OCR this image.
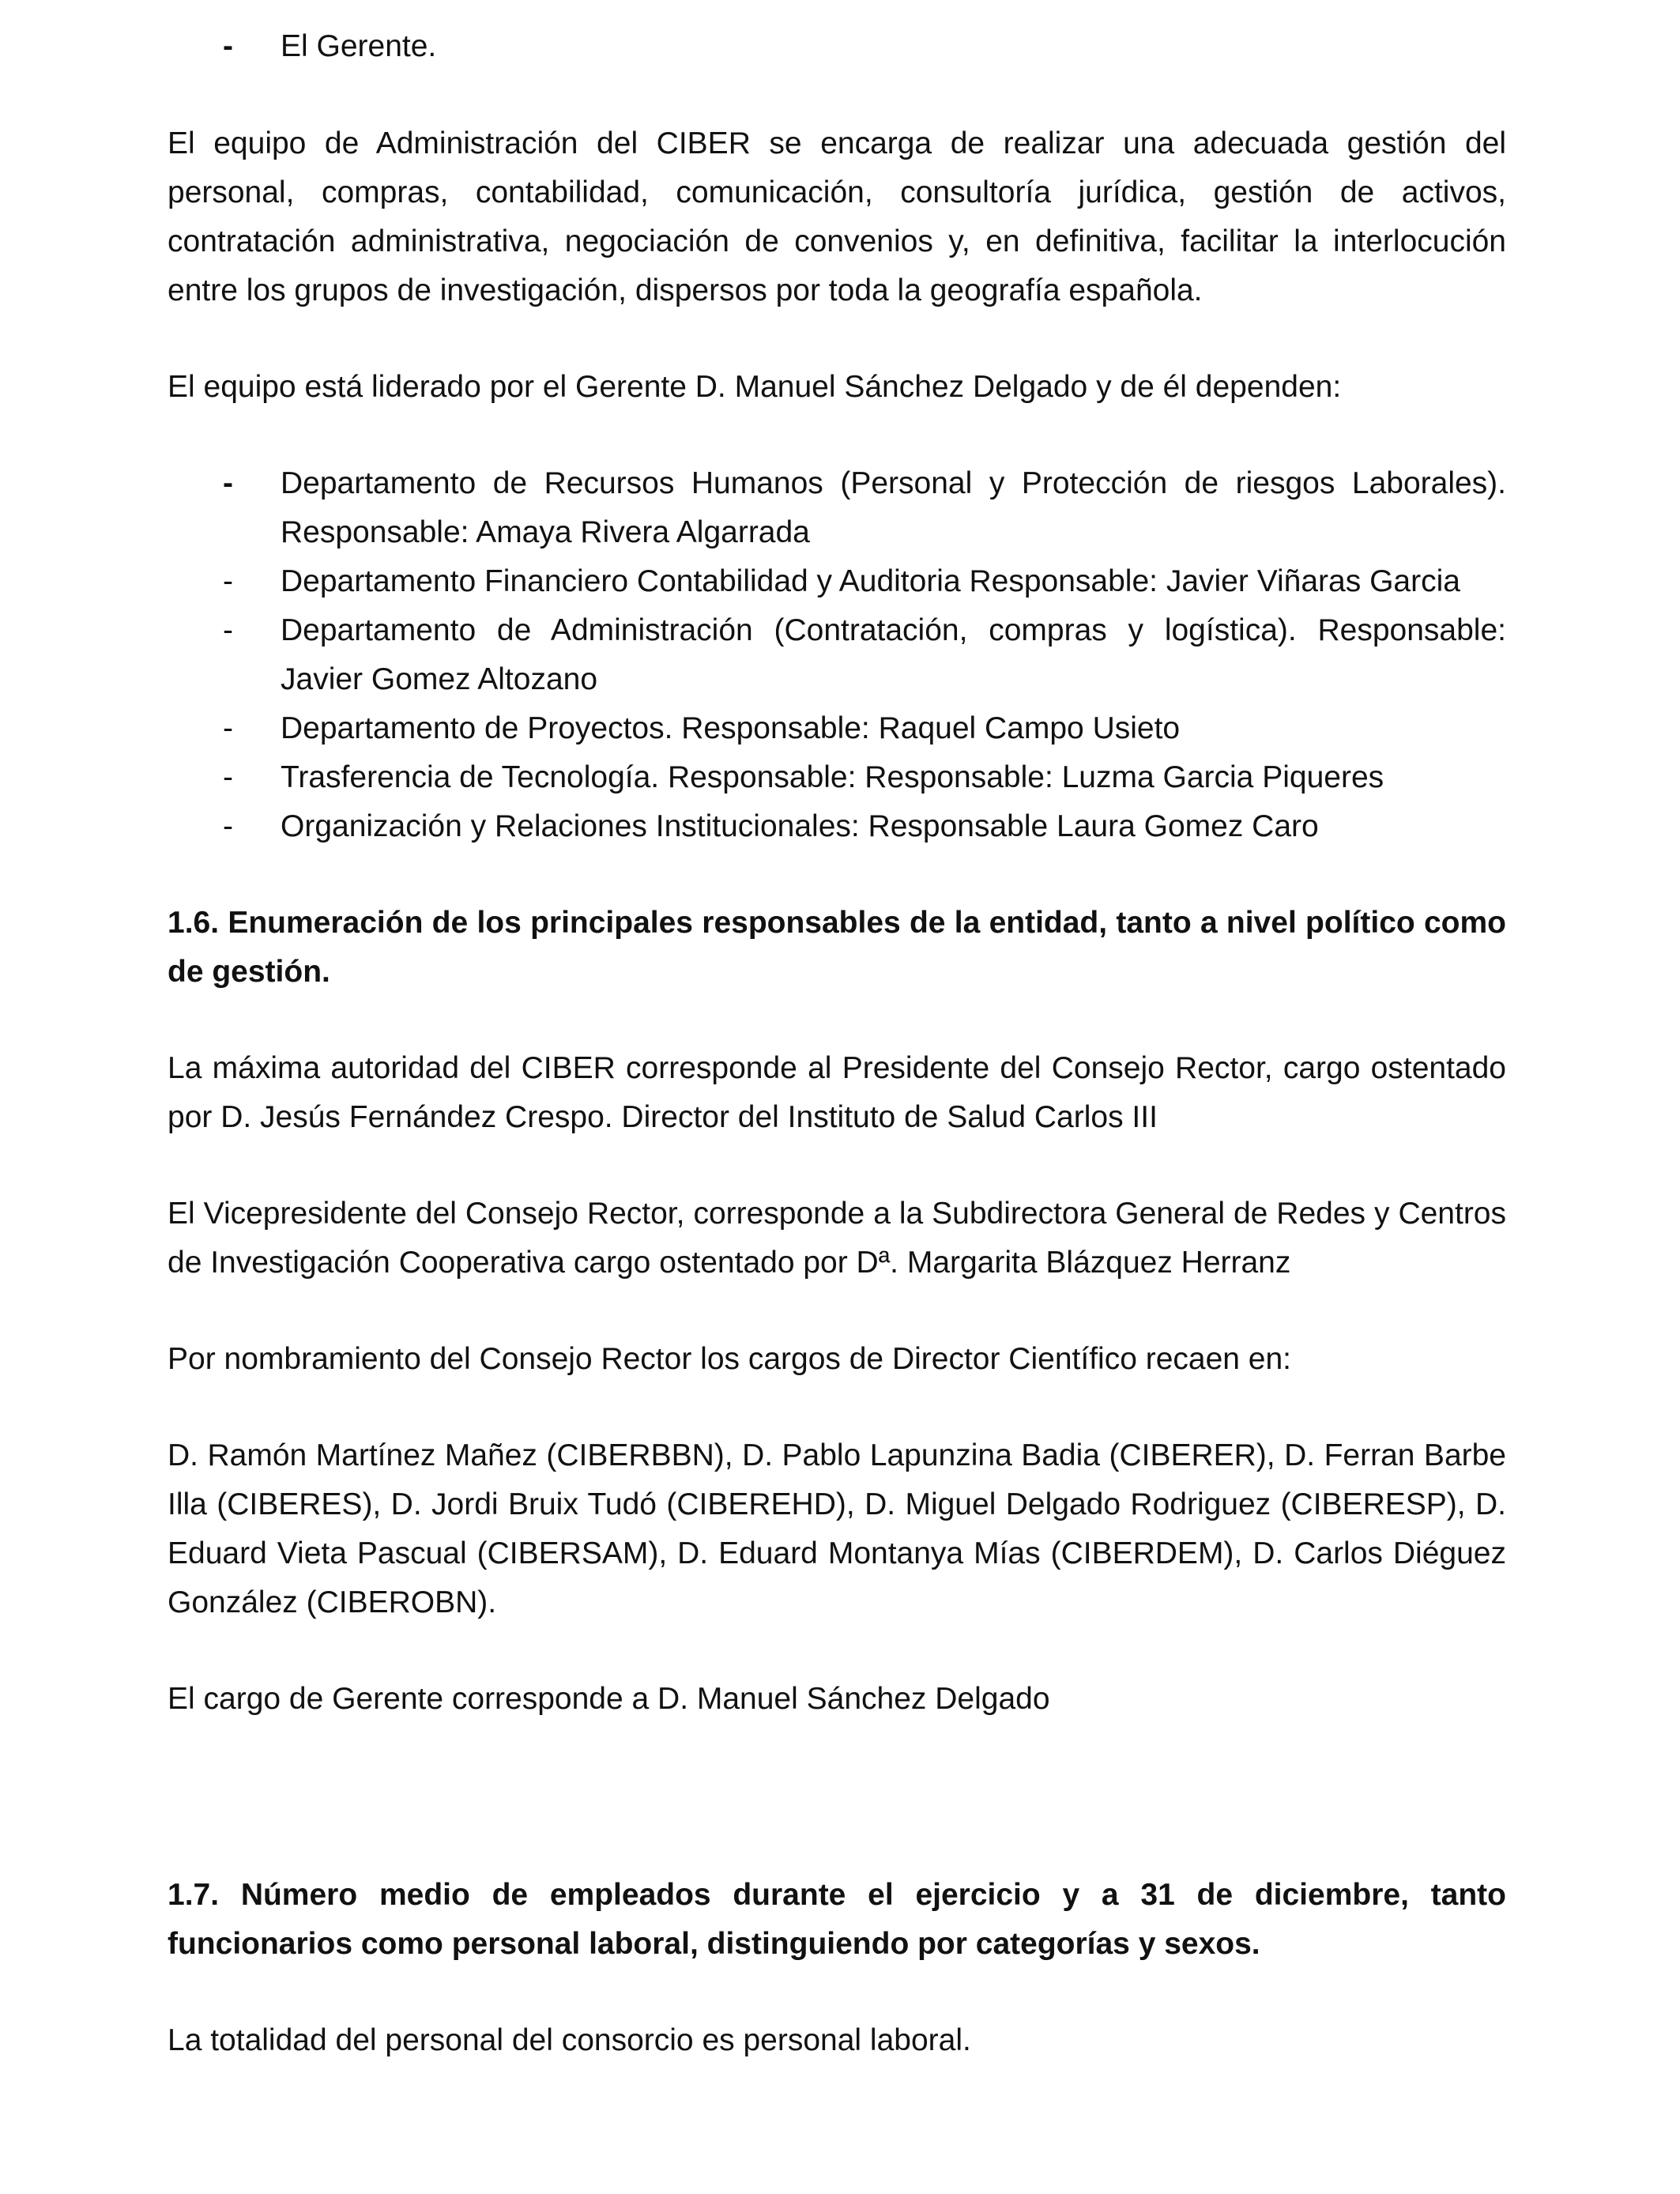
- El Gerente.

El equipo de Administración del CIBER se encarga de realizar una adecuada gestión del personal, compras, contabilidad, comunicación, consultoría jurídica, gestión de activos, contratación administrativa, negociación de convenios y, en definitiva, facilitar la interlocución entre los grupos de investigación, dispersos por toda la geografía española.

El equipo está liderado por el Gerente D. Manuel Sánchez Delgado y de él dependen:

- Departamento de Recursos Humanos (Personal y Protección de riesgos Laborales). Responsable: Amaya Rivera Algarrada
- Departamento Financiero Contabilidad y Auditoria Responsable: Javier Viñaras Garcia
- Departamento de Administración (Contratación, compras y logística). Responsable: Javier Gomez Altozano
- Departamento de Proyectos. Responsable: Raquel Campo Usieto
- Trasferencia de Tecnología. Responsable: Responsable: Luzma Garcia Piqueres
- Organización y Relaciones Institucionales: Responsable Laura Gomez Caro

1.6. Enumeración de los principales responsables de la entidad, tanto a nivel político como de gestión.

La máxima autoridad del CIBER corresponde al Presidente del Consejo Rector, cargo ostentado por D. Jesús Fernández Crespo. Director del Instituto de Salud Carlos III

El Vicepresidente del Consejo Rector, corresponde a la Subdirectora General de Redes y Centros de Investigación Cooperativa cargo ostentado por Dª. Margarita Blázquez Herranz

Por nombramiento del Consejo Rector los cargos de Director Científico recaen en:

D. Ramón Martínez Mañez (CIBERBBN), D. Pablo Lapunzina Badia (CIBERER), D. Ferran Barbe Illa (CIBERES), D. Jordi Bruix Tudó (CIBEREHD), D. Miguel Delgado Rodriguez (CIBERESP), D. Eduard Vieta Pascual (CIBERSAM), D. Eduard Montanya Mías (CIBERDEM), D. Carlos Diéguez González (CIBEROBN).

El cargo de Gerente corresponde a D. Manuel Sánchez Delgado

1.7. Número medio de empleados durante el ejercicio y a 31 de diciembre, tanto funcionarios como personal laboral, distinguiendo por categorías y sexos.

La totalidad del personal del consorcio es personal laboral.
